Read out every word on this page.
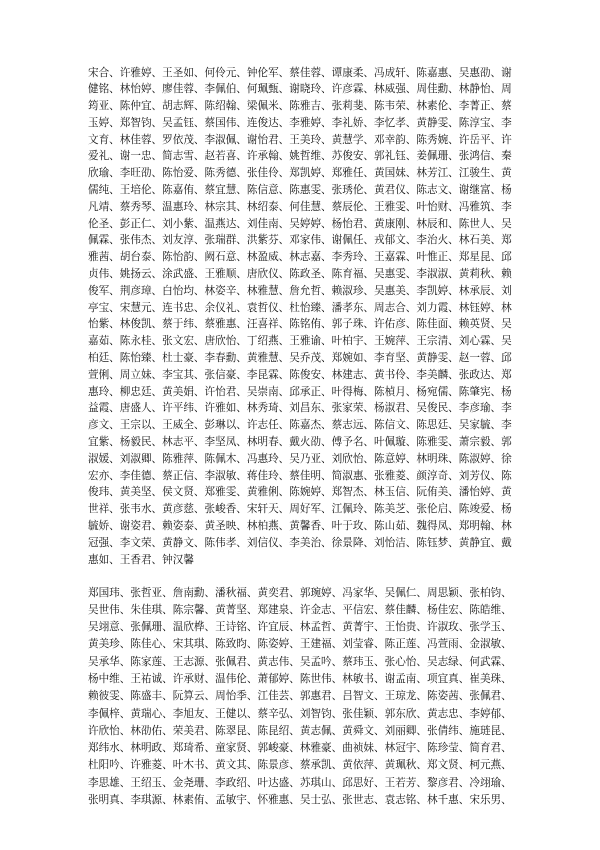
宋合、许雅婷、王圣如、何伶元、钟伦军、蔡佳蓉、谭康柔、冯成轩、陈嘉惠、吴惠劭、谢健铭、林怡婷、廖佳蓉、李佩伯、何珮甄、谢晓玲、许彦霖、林威强、周佳勳、林静怡、周筠亚、陈仲宜、胡志辉、陈绍翰、梁佩米、陈雅吉、张莉斐、陈韦荣、林素伦、李菁正、蔡玉婷、郑智钧、吴孟钰、蔡国伟、连俊达、李雅婷、李礼娇、李忆孝、黄静雯、陈淳宝、李文育、林佳蓉、罗依茂、李淑佩、谢怡君、王美玲、黄慧学、邓幸韵、陈秀婉、许岳平、许爱礼、谢一忠、简志雪、赵若喜、许承翰、姚哲维、苏俊安、郭礼钰、姜佩珊、张鸿信、秦欣瑜、李旺劭、陈怡爱、陈秀德、张佳伶、郑凯婷、郑雅任、黄国妹、林芳江、江骏生、黄儒纯、王培伦、陈嘉侑、蔡宜慧、陈信意、陈惠雯、张琇伦、黄君仪、陈志文、谢继富、杨凡靖、蔡秀琴、温惠玲、林宗其、林绍泰、何佳慧、蔡辰伦、王雅雯、叶怡财、冯雅筑、李伦圣、彭正仁、刘小紫、温燕达、刘佳南、吴婷婷、杨怡君、黄康刚、林辰和、陈世人、吴佩霖、张伟杰、刘友淳、张瑞群、洪紫芬、邓家伟、谢佩任、戎郁文、李治火、林石美、郑雅茜、胡台泰、陈怡韵、阙石意、林盈威、林志嘉、李秀玲、王嘉霖、叶惟正、郑星昆、邱贞伟、姚扬云、涂武盛、王雅顺、唐欣仪、陈政圣、陈育福、吴惠雯、李淑淑、黄莉秋、赖俊军、荆彦璋、白怡均、林姿辛、林雅慧、詹允哲、赖淑珍、吴惠美、李凯婷、林承辰、刘亭宝、宋慧元、连书忠、余仪礼、袁哲仪、杜怡臻、潘孝东、周志合、刘力霞、林钰婷、林怡紫、林俊凯、蔡于纬、蔡雅惠、汪喜祥、陈铭侑、郭子珠、许佑彦、陈佳面、赖英贤、吴嘉茹、陈永桂、张文宏、唐欣怡、丁绍燕、王雅谕、叶柏宇、王婉萍、王宗清、刘心霖、吴柏廷、陈怡臻、杜士豪、李春勳、黄雅慧、吴乔茂、郑婉如、李育坚、黄静雯、赵一蓉、邱萱俐、周立妹、李宝其、张信豪、李昆霖、陈俊安、林建志、黄书伶、李美麟、张政达、郑惠玲、柳忠廷、黄美娟、许怡君、吴崇南、邱承正、叶得梅、陈楨月、杨宛儒、陈肇宪、杨益霞、唐盛人、许平纬、许雅如、林秀琦、刘昌东、张家荣、杨淑君、吴俊民、李彦瑜、李彦文、王宗以、王威全、彭琳以、许志任、陈嘉杰、蔡志远、陈信文、陈思廷、吴家毓、李宜紫、杨毅民、林志平、李坚凤、林明春、戴火劭、傅予名、叶佩璇、陈雅雯、萧宗毅、郭淑媛、刘淑卿、陈雅萍、陈佩木、冯惠玲、吴乃亚、刘欣怡、陈意婷、林明珠、陈淑婷、徐宏亦、李佳德、蔡正信、李淑敏、蒋佳玲、蔡佳明、简淑惠、张雅菱、颜淳奇、刘芳仪、陈俊玮、黄美坚、侯文贤、郑雅雯、黄雅俐、陈婉婷、郑智杰、林玉信、阮侑美、潘怡婷、黄世祥、张韦水、黄彦慈、张峻香、宋轩天、周好军、江佩玲、陈美芝、张伦启、陈竣爱、杨毓娇、谢姿君、赖姿泰、黄圣映、林柏燕、黄馨香、叶于玫、陈山茹、魏得凤、郑明翰、林冠强、李文荣、黄静文、陈伟孝、刘信仪、李美治、徐景降、刘怡洁、陈钰梦、黄静宜、戴惠如、王香君、钟汉馨

郑国玮、张哲亚、詹南勳、潘秋福、黄奕君、郭琬婷、冯家华、吴佩仁、周思颖、张柏钧、吴世伟、朱佳琪、陈宗馨、黄菁坚、郑建泉、许金志、平信宏、蔡佳麟、杨佳宏、陈皓维、吴翊意、张佩珊、温欣桦、王诗铭、许宜辰、林孟哲、黄菁宇、王怡贵、许淑玫、张学玉、黄美珍、陈佳心、宋其琪、陈致昀、陈姿婷、王建福、刘莹睿、陈正莲、冯萱雨、金淑敏、吴承华、陈家莲、王志源、张佩君、黄志伟、吴孟吟、蔡玮玉、张心怡、吴志绿、何武霖、杨中维、王祐诚、许承财、温伟伦、萧郁婷、陈世伟、林敏书、谢孟南、项宜真、崔美珠、赖彼雯、陈盛丰、阮算云、周怡季、江佳芸、郭惠君、吕智文、王琼龙、陈姿茜、张佩君、李佩梓、黄瑞心、李旭友、王健以、蔡辛弘、刘智钧、张佳颖、郭东欣、黄志忠、李婷郁、许欣怡、林劭佑、荣美君、陈翠昆、陈昆绍、黄志佩、黄舜文、刘丽卿、张倩纬、施琏昆、郑纬水、林明政、郑琦希、童家贤、郭峻豪、林雅豪、曲祯妹、林冠宇、陈珍莹、简育君、杜阳吟、许雅菱、叶木书、黄文其、陈景彦、蔡承凯、黄依萍、黄珮秋、郑文贤、柯元燕、李思雄、王绍玉、金尧珊、李政绍、叶达盛、苏琪山、邱思好、王若芳、黎彦君、冷翊瑜、张明真、李琪源、林素侑、孟敏宇、怀雅惠、吴士弘、张世志、袁志铭、林千惠、宋乐男、
